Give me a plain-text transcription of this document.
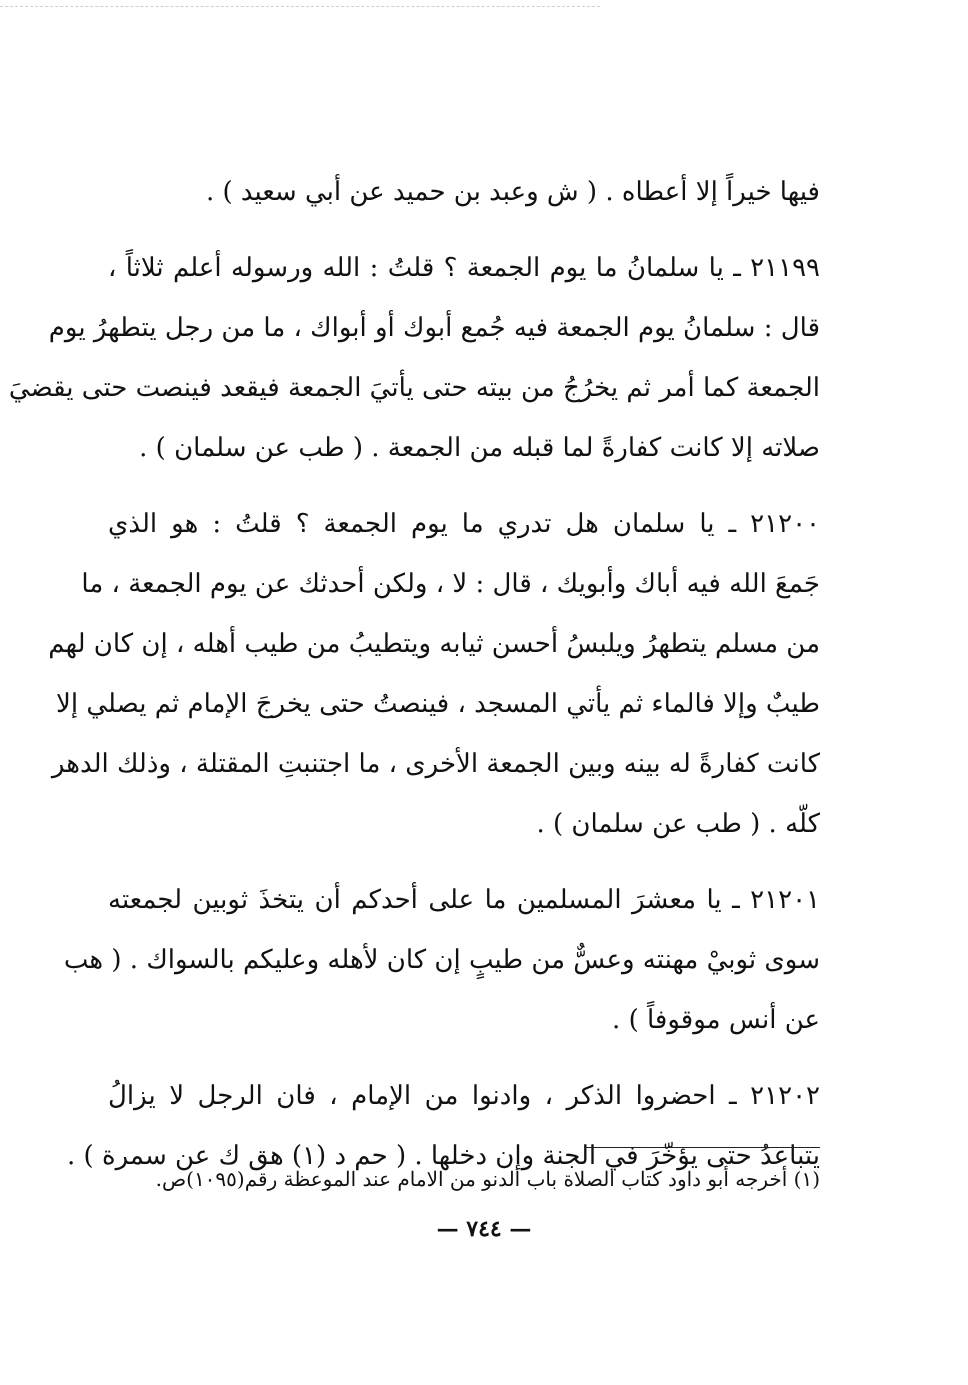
فيها خيراً إلا أعطاه . ( ش وعبد بن حميد عن أبي سعيد ) .
٢١١٩٩ ـ يا سلمانُ ما يوم الجمعة ؟ قلتُ : الله ورسوله أعلم ثلاثاً ،
قال : سلمانُ يوم الجمعة فيه جُمع أبوك أو أبواك ، ما من رجل يتطهرُ يوم
الجمعة كما أمر ثم يخرُجُ من بيته حتى يأتيَ الجمعة فيقعد فينصت حتى يقضيَ
صلاته إلا كانت كفارةً لما قبله من الجمعة . ( طب عن سلمان ) .
٢١٢٠٠ ـ يا سلمان هل تدري ما يوم الجمعة ؟ قلتُ : هو الذي
جَمعَ الله فيه أباك وأبويك ، قال : لا ، ولكن أحدثك عن يوم الجمعة ، ما
من مسلم يتطهرُ ويلبسُ أحسن ثيابه ويتطيبُ من طيب أهله ، إن كان لهم
طيبٌ وإلا فالماء ثم يأتي المسجد ، فينصتُ حتى يخرجَ الإمام ثم يصلي إلا
كانت كفارةً له بينه وبين الجمعة الأخرى ، ما اجتنبتِ المقتلة ، وذلك الدهر
كلّه . ( طب عن سلمان ) .
٢١٢٠١ ـ يا معشرَ المسلمين ما على أحدكم أن يتخذَ ثوبين لجمعته
سوى ثوبيْ مهنته وعسٌّ من طيبٍ إن كان لأهله وعليكم بالسواك . ( هب
عن أنس موقوفاً ) .
٢١٢٠٢ ـ احضروا الذكر ، وادنوا من الإمام ، فان الرجل لا يزالُ
يتباعدُ حتى يؤخّرَ في الجنة وإن دخلها . ( حم د (١) هق ك عن سمرة ) .
(١) أخرجه أبو داود كتاب الصلاة باب الدنو من الامام عند الموعظة رقم(١٠٩٥)ص.
— ٧٤٤ —
